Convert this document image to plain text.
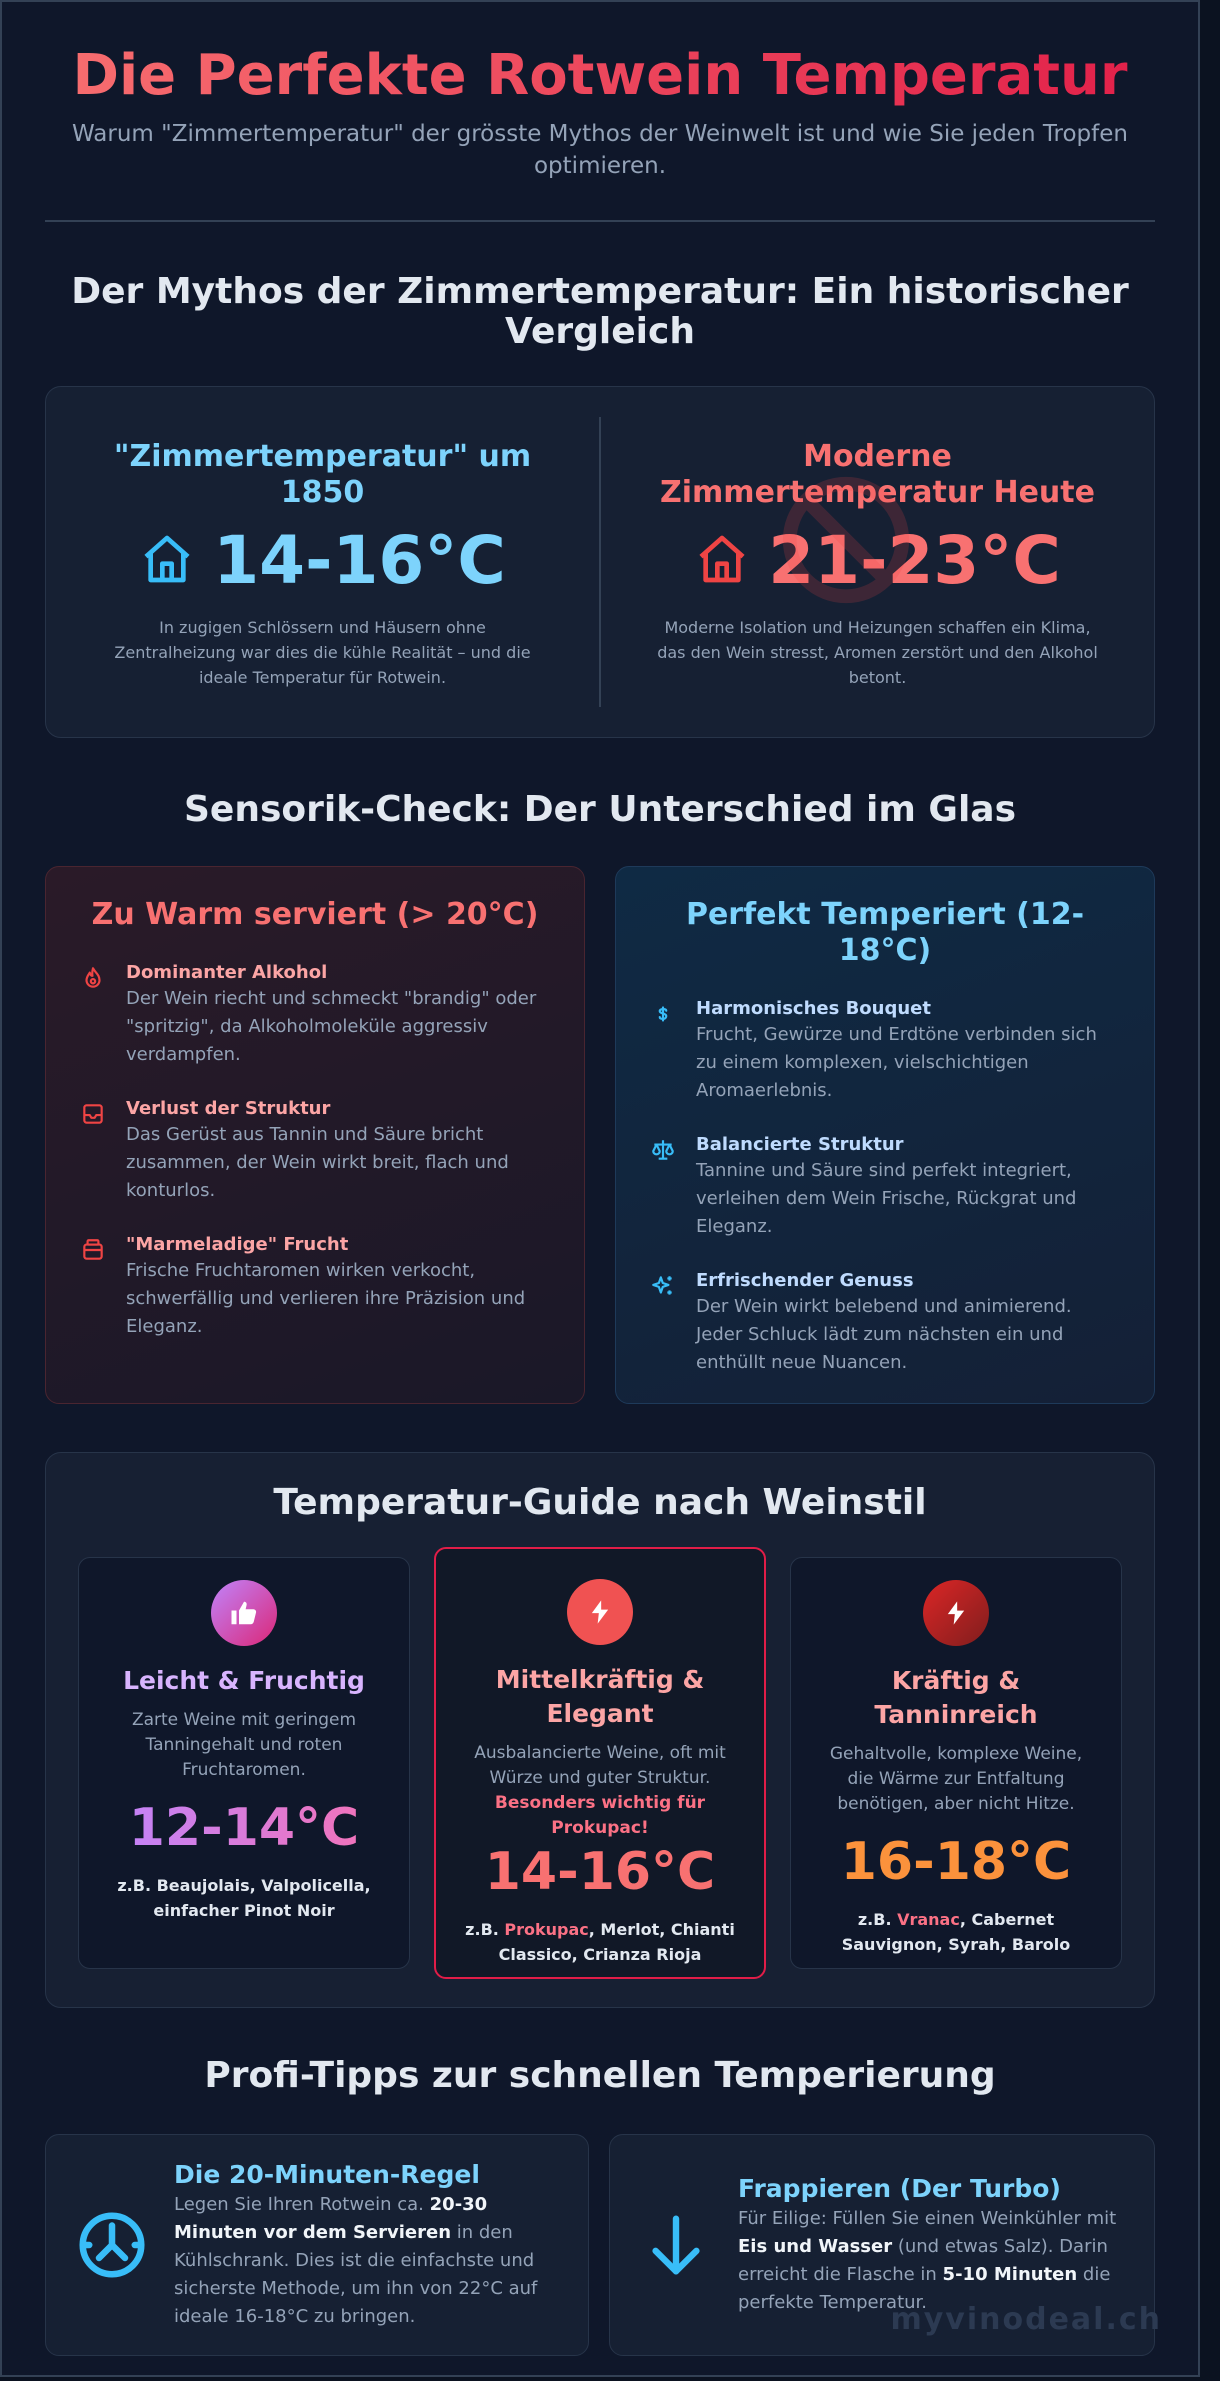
Die Perfekte Rotwein Temperatur

Warum "Zimmertemperatur" der grösste Mythos der Weinwelt ist und wie Sie jeden Tropfen optimieren.

Der Mythos der Zimmertemperatur: Ein historischer Vergleich
"Zimmertemperatur" um 1850
14-16°C

In zugigen Schlössern und Häusern ohne Zentralheizung war dies die kühle Realität – und die ideale Temperatur für Rotwein.

Moderne Zimmertemperatur Heute
21-23°C

Moderne Isolation und Heizungen schaffen ein Klima, das den Wein stresst, Aromen zerstört und den Alkohol betont.

Sensorik-Check: Der Unterschied im Glas
Zu Warm serviert (> 20°C)
Dominanter Alkohol
Der Wein riecht und schmeckt "brandig" oder "spritzig", da Alkoholmoleküle aggressiv verdampfen.
Verlust der Struktur
Das Gerüst aus Tannin und Säure bricht zusammen, der Wein wirkt breit, flach und konturlos.
"Marmeladige" Frucht
Frische Fruchtaromen wirken verkocht, schwerfällig und verlieren ihre Präzision und Eleganz.
Perfekt Temperiert (12-18°C)
Harmonisches Bouquet
Frucht, Gewürze und Erdtöne verbinden sich zu einem komplexen, vielschichtigen Aromaerlebnis.
Balancierte Struktur
Tannine und Säure sind perfekt integriert, verleihen dem Wein Frische, Rückgrat und Eleganz.
Erfrischender Genuss
Der Wein wirkt belebend und animierend. Jeder Schluck lädt zum nächsten ein und enthüllt neue Nuancen.
Temperatur-Guide nach Weinstil
Leicht & Fruchtig
Zarte Weine mit geringem Tanningehalt und roten Fruchtaromen.
12-14°C
z.B. Beaujolais, Valpolicella, einfacher Pinot Noir
Mittelkräftig & Elegant
Ausbalancierte Weine, oft mit Würze und guter Struktur.
Besonders wichtig für Prokupac!
14-16°C
z.B. Prokupac, Merlot, Chianti Classico, Crianza Rioja
Kräftig & Tanninreich
Gehaltvolle, komplexe Weine, die Wärme zur Entfaltung benötigen, aber nicht Hitze.
16-18°C
z.B. Vranac, Cabernet Sauvignon, Syrah, Barolo
Profi-Tipps zur schnellen Temperierung
Die 20-Minuten-Regel
Legen Sie Ihren Rotwein ca. 20-30 Minuten vor dem Servieren in den Kühlschrank. Dies ist die einfachste und sicherste Methode, um ihn von 22°C auf ideale 16-18°C zu bringen.
Frappieren (Der Turbo)
Für Eilige: Füllen Sie einen Weinkühler mit Eis und Wasser (und etwas Salz). Darin erreicht die Flasche in 5-10 Minuten die perfekte Temperatur.
myvinodeal.ch
